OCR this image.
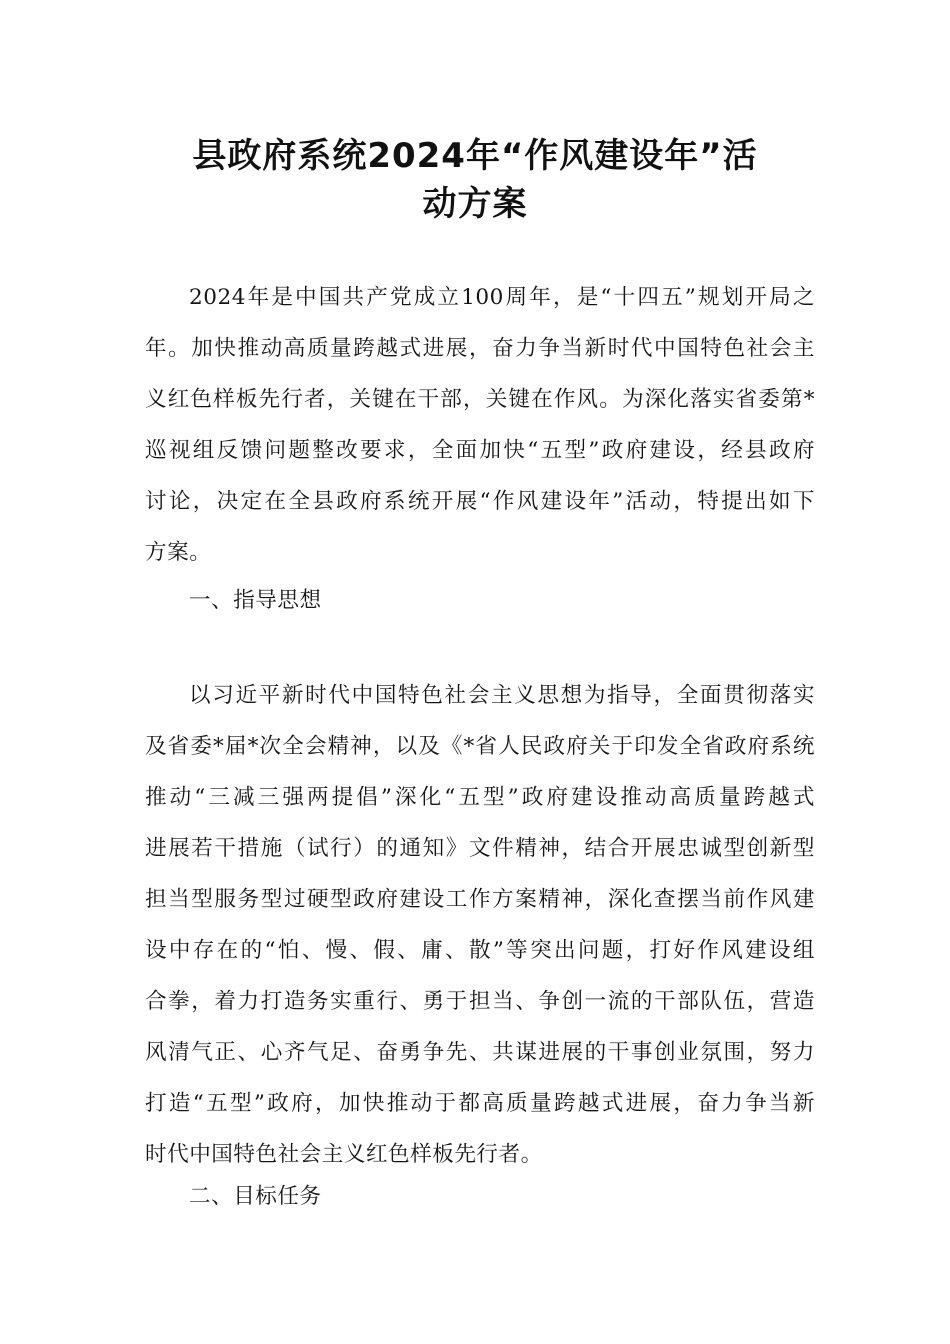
县政府系统2024年“作风建设年”活
动方案
2024年是中国共产党成立100周年，是“十四五”规划开局之
年。加快推动高质量跨越式进展，奋力争当新时代中国特色社会主
义红色样板先行者，关键在干部，关键在作风。为深化落实省委第*
巡视组反馈问题整改要求，全面加快“五型”政府建设，经县政府
讨论，决定在全县政府系统开展“作风建设年”活动，特提出如下
方案。
一、指导思想
以习近平新时代中国特色社会主义思想为指导，全面贯彻落实
及省委*届*次全会精神，以及《*省人民政府关于印发全省政府系统
推动“三减三强两提倡”深化“五型”政府建设推动高质量跨越式
进展若干措施（试行）的通知》文件精神，结合开展忠诚型创新型
担当型服务型过硬型政府建设工作方案精神，深化查摆当前作风建
设中存在的“怕、慢、假、庸、散”等突出问题，打好作风建设组
合拳，着力打造务实重行、勇于担当、争创一流的干部队伍，营造
风清气正、心齐气足、奋勇争先、共谋进展的干事创业氛围，努力
打造“五型”政府，加快推动于都高质量跨越式进展，奋力争当新
时代中国特色社会主义红色样板先行者。
二、目标任务
